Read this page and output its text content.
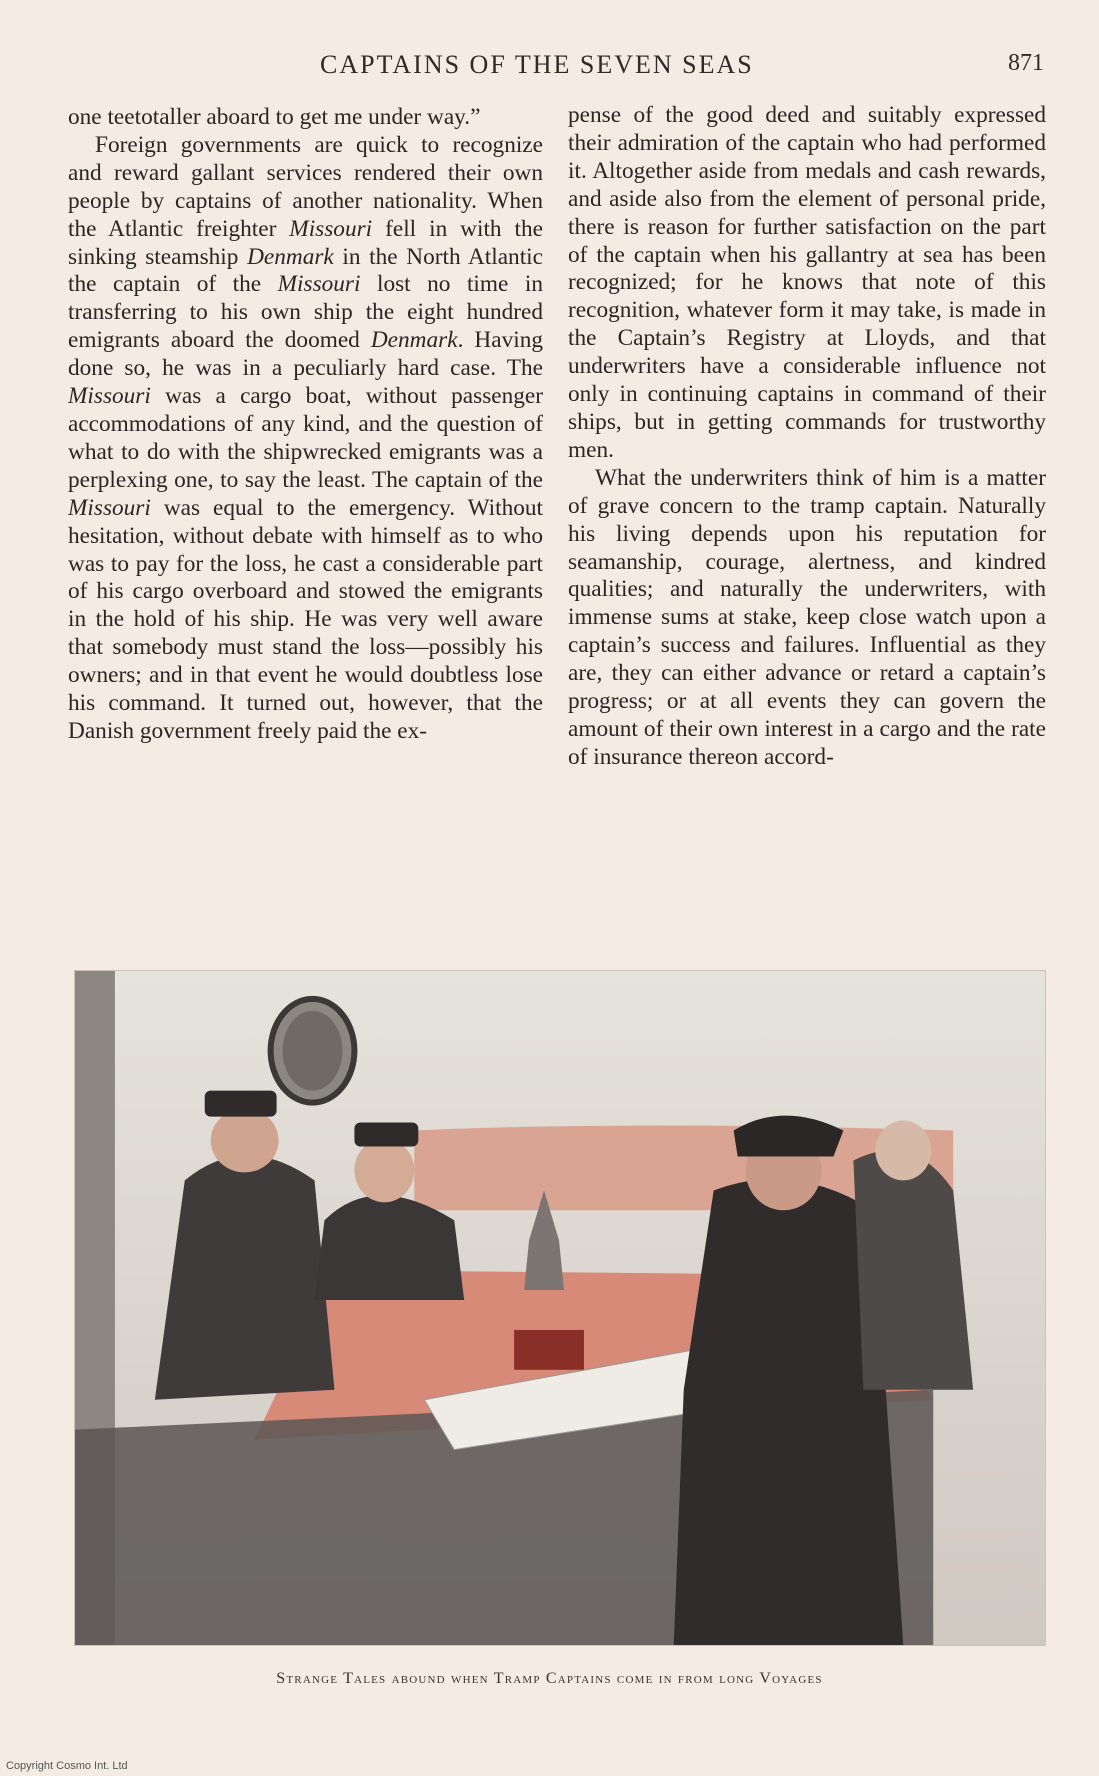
CAPTAINS OF THE SEVEN SEAS	871

one teetotaller aboard to get me under way.”

Foreign governments are quick to recognize and reward gallant services rendered their own people by captains of another nationality. When the Atlantic freighter Missouri fell in with the sinking steamship Denmark in the North Atlantic the captain of the Missouri lost no time in transferring to his own ship the eight hundred emigrants aboard the doomed Denmark. Having done so, he was in a peculiarly hard case. The Missouri was a cargo boat, without passenger accommodations of any kind, and the question of what to do with the shipwrecked emigrants was a perplexing one, to say the least. The captain of the Missouri was equal to the emergency. Without hesitation, without debate with himself as to who was to pay for the loss, he cast a considerable part of his cargo overboard and stowed the emigrants in the hold of his ship. He was very well aware that somebody must stand the loss—possibly his owners; and in that event he would doubtless lose his command. It turned out, however, that the Danish government freely paid the ex-

pense of the good deed and suitably expressed their admiration of the captain who had performed it. Altogether aside from medals and cash rewards, and aside also from the element of personal pride, there is reason for further satisfaction on the part of the captain when his gallantry at sea has been recognized; for he knows that note of this recognition, whatever form it may take, is made in the Captain’s Registry at Lloyds, and that underwriters have a considerable influence not only in continuing captains in command of their ships, but in getting commands for trustworthy men.

What the underwriters think of him is a matter of grave concern to the tramp captain. Naturally his living depends upon his reputation for seamanship, courage, alertness, and kindred qualities; and naturally the underwriters, with immense sums at stake, keep close watch upon a captain’s success and failures. Influential as they are, they can either advance or retard a captain’s progress; or at all events they can govern the amount of their own interest in a cargo and the rate of insurance thereon accord-

Strange Tales abound when Tramp Captains come in from long Voyages
Copyright Cosmo Int. Ltd
